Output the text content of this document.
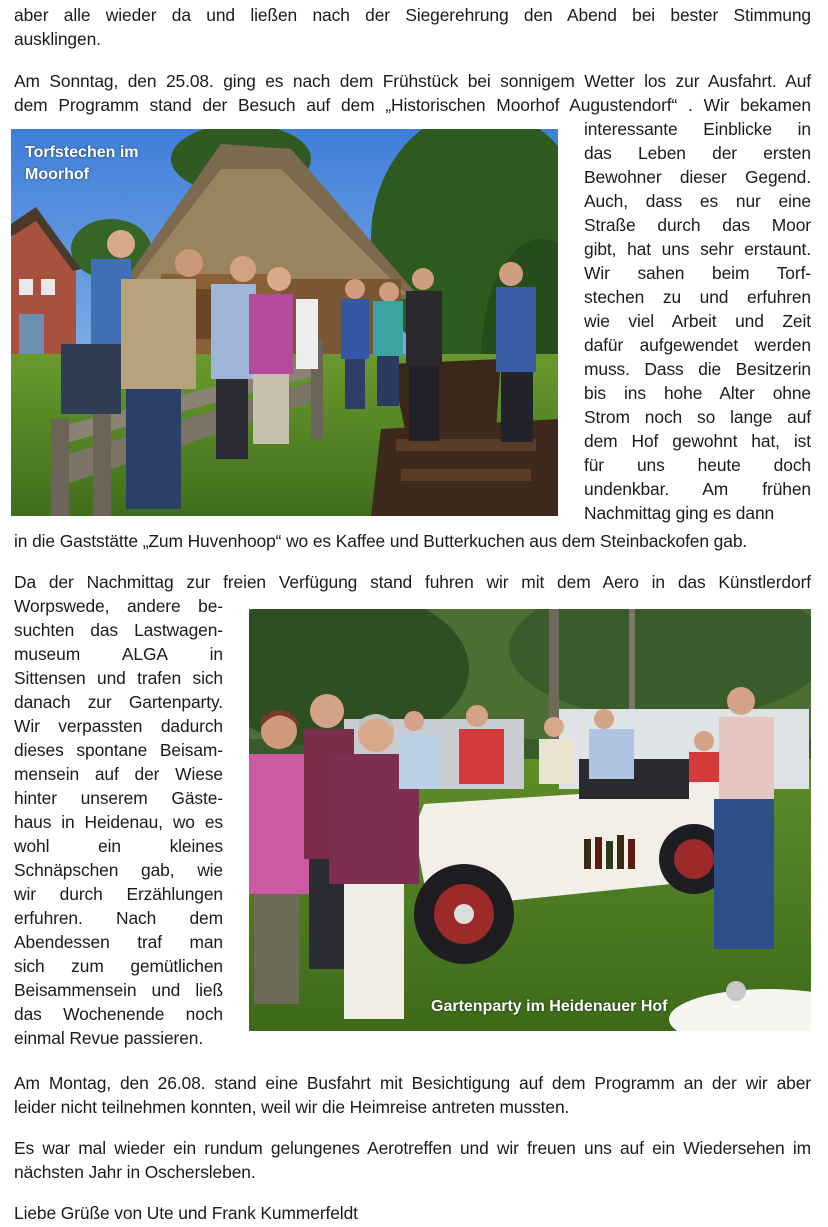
aber alle wieder da und ließen nach der Siegerehrung den Abend bei bester Stimmung
ausklingen.
Am Sonntag, den 25.08. ging es nach dem Frühstück bei sonnigem Wetter los zur Ausfahrt. Auf
dem Programm stand der Besuch auf dem „Historischen Moorhof Augustendorf“ . Wir bekamen
Torfstechen im
Moorhof
interessante Einblicke in
das Leben der ersten
Bewohner dieser Gegend.
Auch, dass es nur eine
Straße durch das Moor
gibt, hat uns sehr erstaunt.
Wir sahen beim Torf-
stechen zu und erfuhren
wie viel Arbeit und Zeit
dafür aufgewendet werden
muss. Dass die Besitzerin
bis ins hohe Alter ohne
Strom noch so lange auf
dem Hof gewohnt hat, ist
für uns heute doch
undenkbar. Am frühen
Nachmittag ging es dann
in die Gaststätte „Zum Huvenhoop“ wo es Kaffee und Butterkuchen aus dem Steinbackofen gab.
Da der Nachmittag zur freien Verfügung stand fuhren wir mit dem Aero in das Künstlerdorf
Worpswede, andere be-
suchten das Lastwagen-
museum ALGA in
Sittensen und trafen sich
danach zur Gartenparty.
Wir verpassten dadurch
dieses spontane Beisam-
mensein auf der Wiese
hinter unserem Gäste-
haus in Heidenau, wo es
wohl ein kleines
Schnäpschen gab, wie
wir durch Erzählungen
erfuhren. Nach dem
Abendessen traf man
sich zum gemütlichen
Beisammensein und ließ
das Wochenende noch
einmal Revue passieren.
Gartenparty im Heidenauer Hof
Am Montag, den 26.08. stand eine Busfahrt mit Besichtigung auf dem Programm an der wir aber
leider nicht teilnehmen konnten, weil wir die Heimreise antreten mussten.
Es war mal wieder ein rundum gelungenes Aerotreffen und wir freuen uns auf ein Wiedersehen im
nächsten Jahr in Oschersleben.
Liebe Grüße von Ute und Frank Kummerfeldt
